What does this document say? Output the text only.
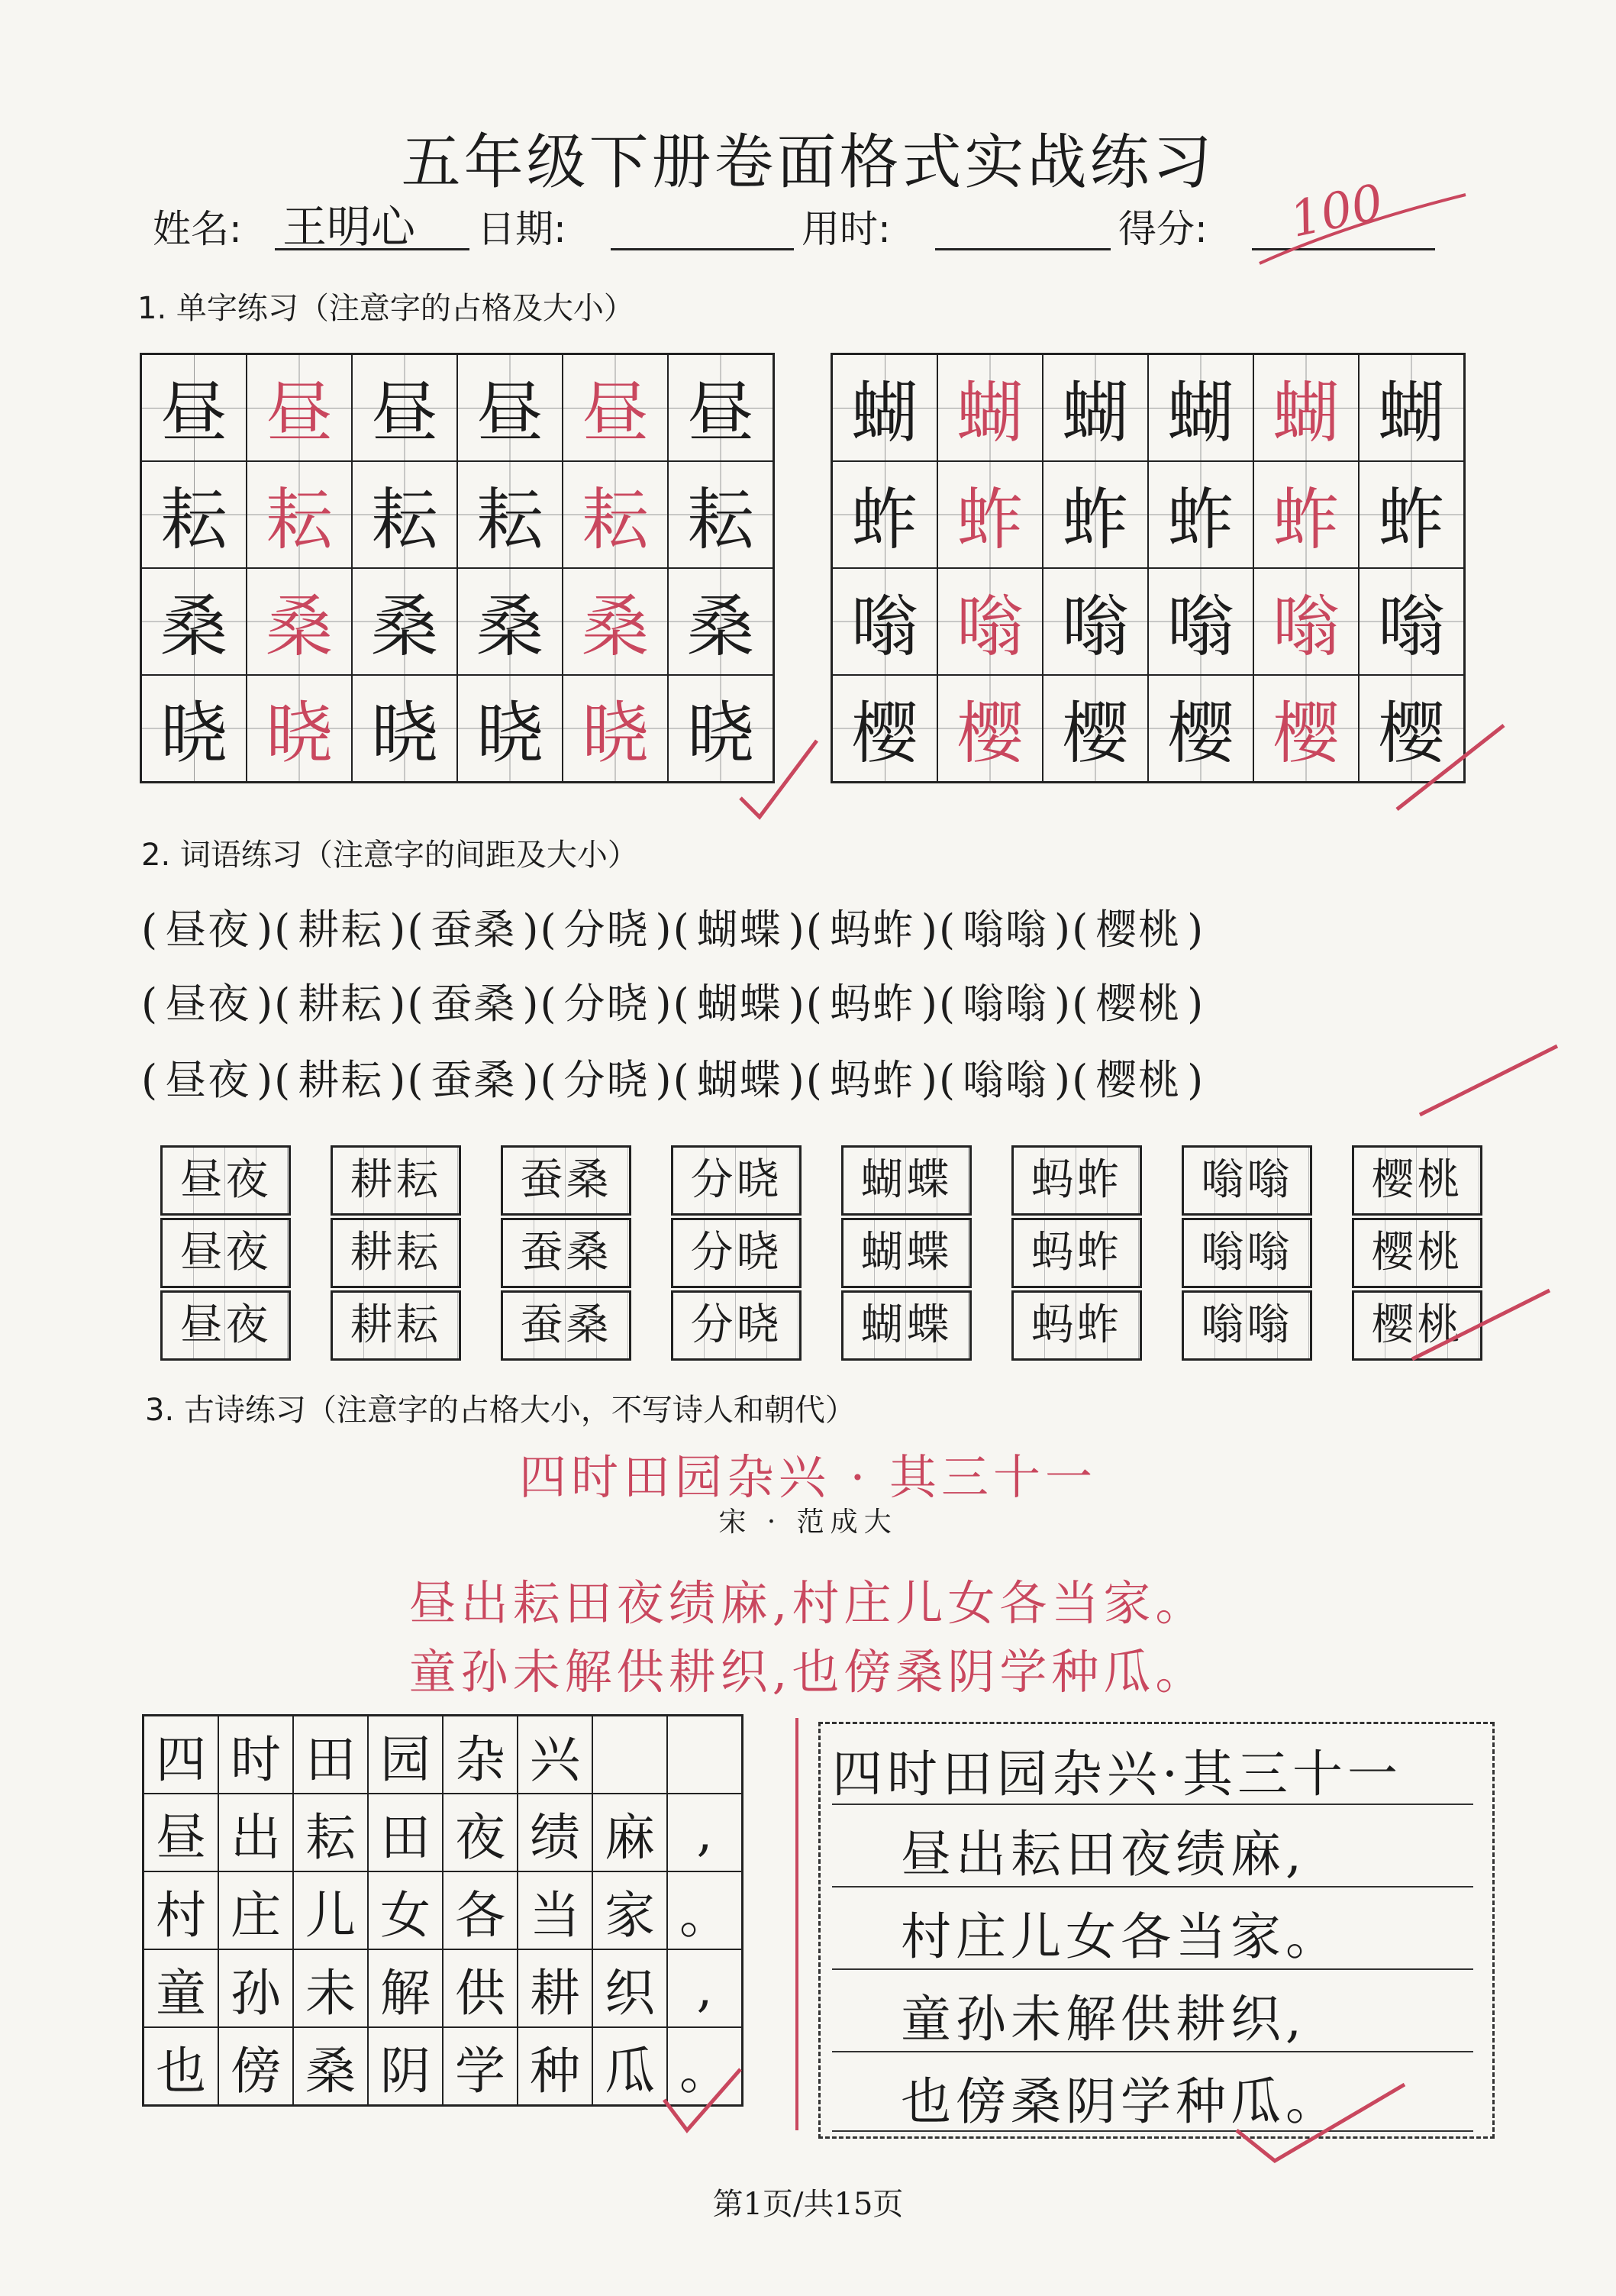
五年级下册卷面格式实战练习
姓名: 王明心 日期:	用时:	得分: 100
1. 单字练习（注意字的占格及大小）
昼	昼	昼	昼	昼	昼
耘	耘	耘	耘	耘	耘
桑	桑	桑	桑	桑	桑
晓	晓	晓	晓	晓	晓
蝴	蝴	蝴	蝴	蝴	蝴
蚱	蚱	蚱	蚱	蚱	蚱
嗡	嗡	嗡	嗡	嗡	嗡
樱	樱	樱	樱	樱	樱
2. 词语练习（注意字的间距及大小）
( 昼夜 )( 耕耘 )( 蚕桑 )( 分晓 )( 蝴蝶 )( 蚂蚱 )( 嗡嗡 )( 樱桃 )
( 昼夜 )( 耕耘 )( 蚕桑 )( 分晓 )( 蝴蝶 )( 蚂蚱 )( 嗡嗡 )( 樱桃 )
( 昼夜 )( 耕耘 )( 蚕桑 )( 分晓 )( 蝴蝶 )( 蚂蚱 )( 嗡嗡 )( 樱桃 )
昼夜	耕耘	蚕桑	分晓	蝴蝶	蚂蚱	嗡嗡	樱桃
昼夜	耕耘	蚕桑	分晓	蝴蝶	蚂蚱	嗡嗡	樱桃
昼夜	耕耘	蚕桑	分晓	蝴蝶	蚂蚱	嗡嗡	樱桃
3. 古诗练习（注意字的占格大小，不写诗人和朝代）
四时田园杂兴 · 其三十一
宋 · 范成大
昼出耘田夜绩麻,村庄儿女各当家。
童孙未解供耕织,也傍桑阴学种瓜。
四	时	田	园	杂	兴		
昼	出	耘	田	夜	绩	麻	,
村	庄	儿	女	各	当	家	。
童	孙	未	解	供	耕	织	,
也	傍	桑	阴	学	种	瓜	。
四时田园杂兴·其三十一
昼出耘田夜绩麻,
村庄儿女各当家。
童孙未解供耕织,
也傍桑阴学种瓜。
第1页/共15页
